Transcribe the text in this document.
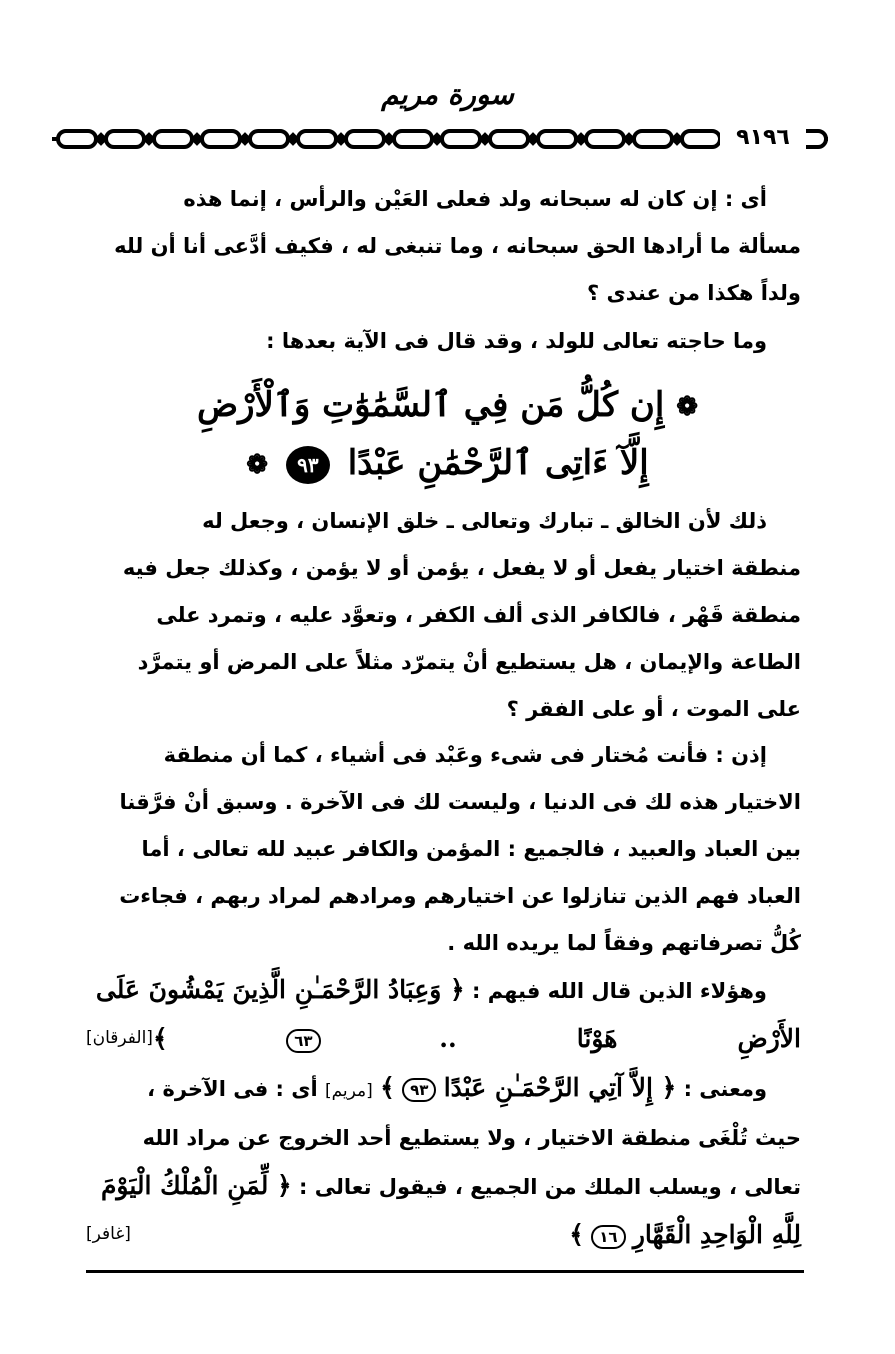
سورة مريم
٩١٩٦

أى : إن كان له سبحانه ولد فعلى العَيْن والرأس ، إنما هذه
مسألة ما أرادها الحق سبحانه ، وما تنبغى له ، فكيف أدَّعى أنا أن لله
ولداً هكذا من عندى ؟

وما حاجته تعالى للولد ، وقد قال فى الآية بعدها :

❁ إِن كُلُّ مَن فِي ٱلسَّمَٰوَٰتِ وَٱلْأَرْضِ
إِلَّآ ءَاتِى ٱلرَّحْمَٰنِ عَبْدًا ٩٣ ❁

ذلك لأن الخالق ـ تبارك وتعالى ـ خلق الإنسان ، وجعل له
منطقة اختيار يفعل أو لا يفعل ، يؤمن أو لا يؤمن ، وكذلك جعل فيه
منطقة قَهْر ، فالكافر الذى ألف الكفر ، وتعوَّد عليه ، وتمرد على
الطاعة والإيمان ، هل يستطيع أنْ يتمرّد مثلاً على المرض أو يتمرَّد
على الموت ، أو على الفقر ؟

إذن : فأنت مُختار فى شىء وعَبْد فى أشياء ، كما أن منطقة
الاختيار هذه لك فى الدنيا ، وليست لك فى الآخرة . وسبق أنْ فرَّقنا
بين العباد والعبيد ، فالجميع : المؤمن والكافر عبيد لله تعالى ، أما
العباد فهم الذين تنازلوا عن اختيارهم ومرادهم لمراد ربهم ، فجاءت
كُلُّ تصرفاتهم وفقاً لما يريده الله .

وهؤلاء الذين قال الله فيهم : ﴿ وَعِبَادُ الرَّحْمَـٰنِ الَّذِينَ يَمْشُونَ عَلَى
الأَرْضِ هَوْنًا .. ٦٣ ﴾
[الفرقان]

ومعنى : ﴿ إِلاَّ آتِي الرَّحْمَـٰنِ عَبْدًا ٩٣ ﴾ [مريم] أى : فى الآخرة ،
حيث تُلْغَى منطقة الاختيار ، ولا يستطيع أحد الخروج عن مراد الله
تعالى ، ويسلب الملك من الجميع ، فيقول تعالى : ﴿ لِّمَنِ الْمُلْكُ الْيَوْمَ
لِلَّهِ الْوَاحِدِ الْقَهَّارِ ١٦ ﴾
[غافر]
